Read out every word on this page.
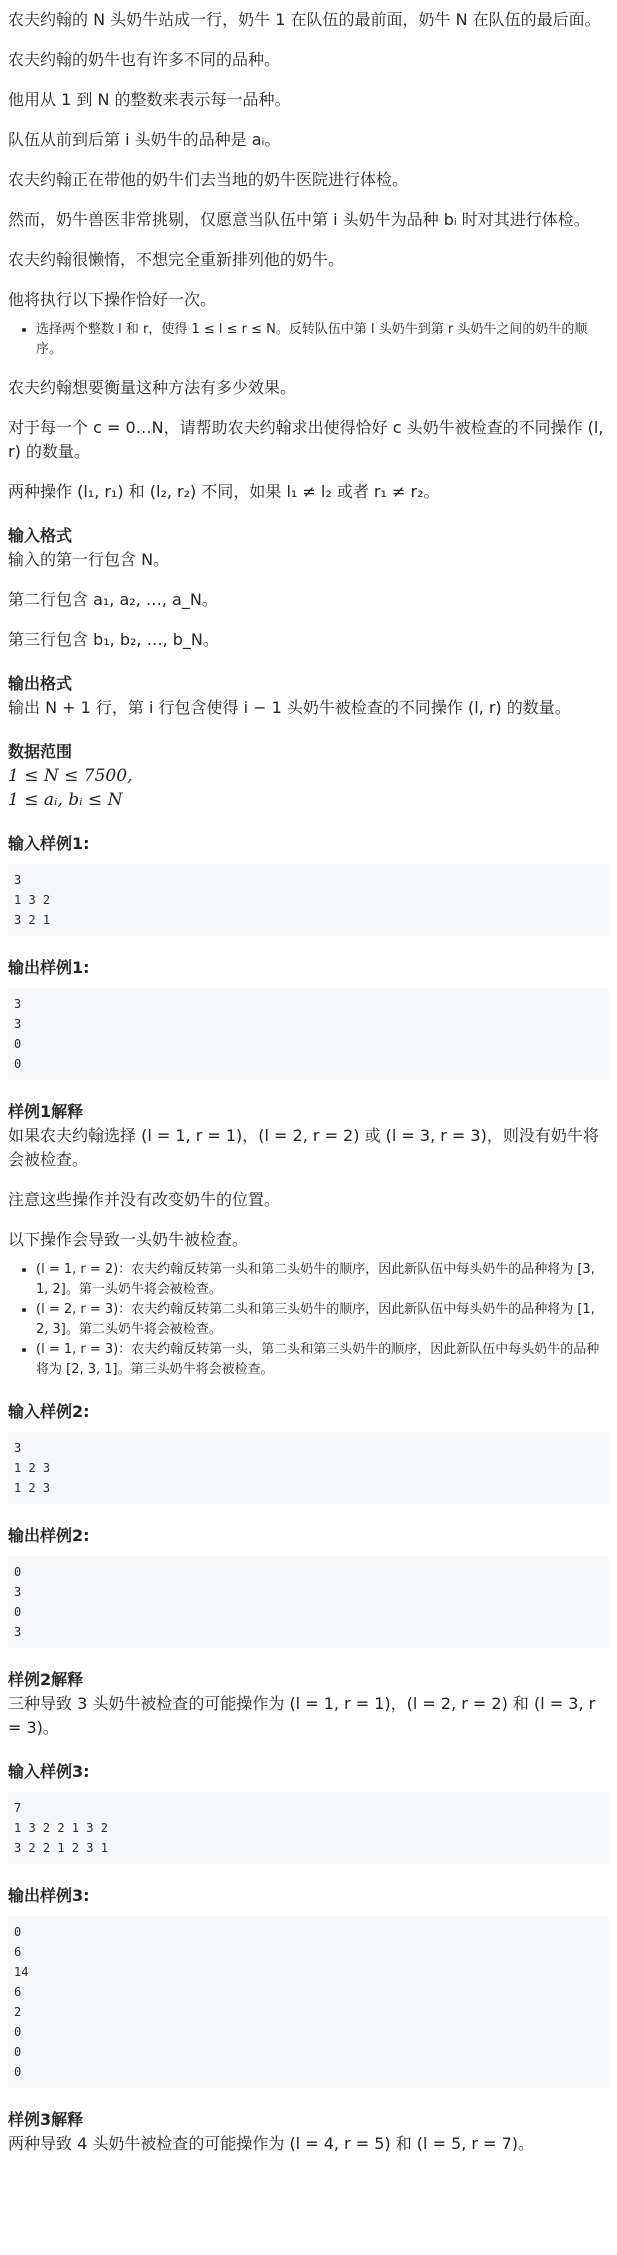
农夫约翰的 N 头奶牛站成一行，奶牛 1 在队伍的最前面，奶牛 N 在队伍的最后面。

农夫约翰的奶牛也有许多不同的品种。

他用从 1 到 N 的整数来表示每一品种。

队伍从前到后第 i 头奶牛的品种是 aᵢ。

农夫约翰正在带他的奶牛们去当地的奶牛医院进行体检。

然而，奶牛兽医非常挑剔，仅愿意当队伍中第 i 头奶牛为品种 bᵢ 时对其进行体检。

农夫约翰很懒惰，不想完全重新排列他的奶牛。

他将执行以下操作恰好一次。

• 选择两个整数 l 和 r，使得 1 ≤ l ≤ r ≤ N。反转队伍中第 l 头奶牛到第 r 头奶牛之间的奶牛的顺序。

农夫约翰想要衡量这种方法有多少效果。

对于每一个 c = 0…N，请帮助农夫约翰求出使得恰好 c 头奶牛被检查的不同操作 (l, r) 的数量。

两种操作 (l₁, r₁) 和 (l₂, r₂) 不同，如果 l₁ ≠ l₂ 或者 r₁ ≠ r₂。

输入格式

输入的第一行包含 N。

第二行包含 a₁, a₂, …, a_N。

第三行包含 b₁, b₂, …, b_N。

输出格式

输出 N + 1 行，第 i 行包含使得 i − 1 头奶牛被检查的不同操作 (l, r) 的数量。

数据范围

1 ≤ N ≤ 7500,

1 ≤ aᵢ, bᵢ ≤ N

输入样例1:
3
1 3 2
3 2 1
输出样例1:
3
3
0
0
样例1解释

如果农夫约翰选择 (l = 1, r = 1)，(l = 2, r = 2) 或 (l = 3, r = 3)，则没有奶牛将会被检查。

注意这些操作并没有改变奶牛的位置。

以下操作会导致一头奶牛被检查。

• (l = 1, r = 2)：农夫约翰反转第一头和第二头奶牛的顺序，因此新队伍中每头奶牛的品种将为 [3, 1, 2]。第一头奶牛将会被检查。
• (l = 2, r = 3)：农夫约翰反转第二头和第三头奶牛的顺序，因此新队伍中每头奶牛的品种将为 [1, 2, 3]。第二头奶牛将会被检查。
• (l = 1, r = 3)：农夫约翰反转第一头，第二头和第三头奶牛的顺序，因此新队伍中每头奶牛的品种将为 [2, 3, 1]。第三头奶牛将会被检查。
输入样例2:
3
1 2 3
1 2 3
输出样例2:
0
3
0
3
样例2解释

三种导致 3 头奶牛被检查的可能操作为 (l = 1, r = 1)，(l = 2, r = 2) 和 (l = 3, r = 3)。

输入样例3:
7
1 3 2 2 1 3 2
3 2 2 1 2 3 1
输出样例3:
0
6
14
6
2
0
0
0
样例3解释

两种导致 4 头奶牛被检查的可能操作为 (l = 4, r = 5) 和 (l = 5, r = 7)。
